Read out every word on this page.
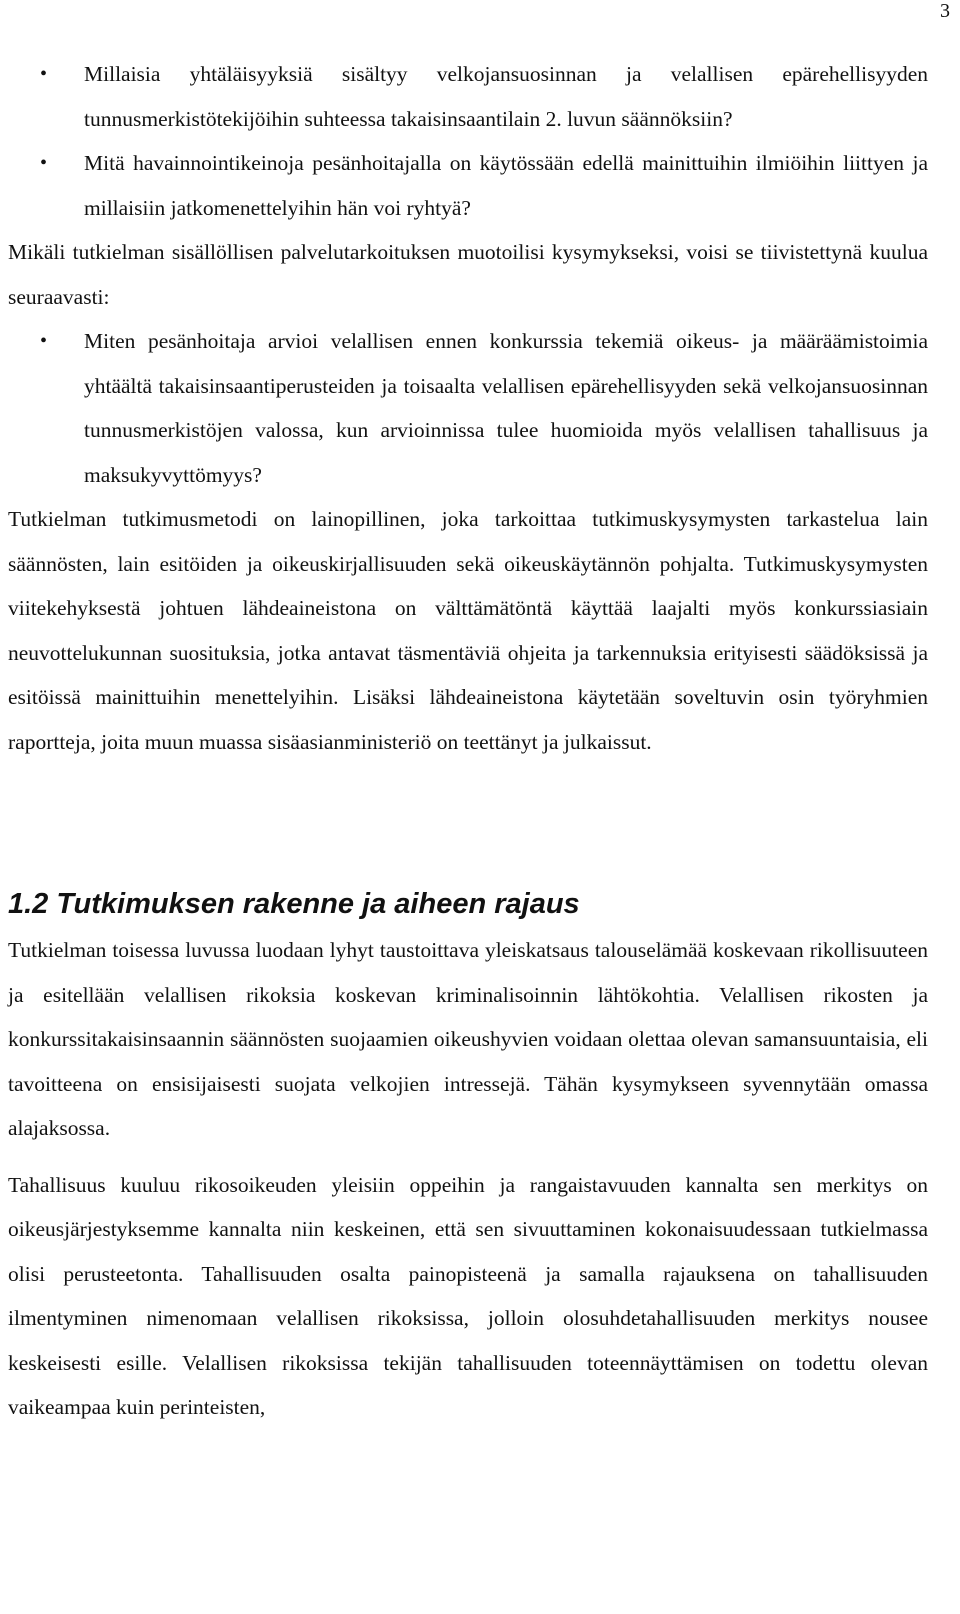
3
• Millaisia yhtäläisyyksiä sisältyy velkojansuosinnan ja velallisen epärehellisyyden tunnusmerkistötekijöihin suhteessa takaisinsaantilain 2. luvun säännöksiin?
• Mitä havainnointikeinoja pesänhoitajalla on käytössään edellä mainittuihin ilmiöihin liittyen ja millaisiin jatkomenettelyihin hän voi ryhtyä?

Mikäli tutkielman sisällöllisen palvelutarkoituksen muotoilisi kysymykseksi, voisi se tiivistettynä kuulua seuraavasti:

• Miten pesänhoitaja arvioi velallisen ennen konkurssia tekemiä oikeus- ja määräämistoimia yhtäältä takaisinsaantiperusteiden ja toisaalta velallisen epärehellisyyden sekä velkojansuosinnan tunnusmerkistöjen valossa, kun arvioinnissa tulee huomioida myös velallisen tahallisuus ja maksukyvyttömyys?

Tutkielman tutkimusmetodi on lainopillinen, joka tarkoittaa tutkimuskysymysten tarkastelua lain säännösten, lain esitöiden ja oikeuskirjallisuuden sekä oikeuskäytännön pohjalta. Tutkimuskysymysten viitekehyksestä johtuen lähdeaineistona on välttämätöntä käyttää laajalti myös konkurssiasiain neuvottelukunnan suosituksia, jotka antavat täsmentäviä ohjeita ja tarkennuksia erityisesti säädöksissä ja esitöissä mainittuihin menettelyihin. Lisäksi lähdeaineistona käytetään soveltuvin osin työryhmien raportteja, joita muun muassa sisäasianministeriö on teettänyt ja julkaissut.

1.2 Tutkimuksen rakenne ja aiheen rajaus

Tutkielman toisessa luvussa luodaan lyhyt taustoittava yleiskatsaus talouselämää koskevaan rikollisuuteen ja esitellään velallisen rikoksia koskevan kriminalisoinnin lähtökohtia. Velallisen rikosten ja konkurssitakaisinsaannin säännösten suojaamien oikeushyvien voidaan olettaa olevan samansuuntaisia, eli tavoitteena on ensisijaisesti suojata velkojien intressejä. Tähän kysymykseen syvennytään omassa alajaksossa.

Tahallisuus kuuluu rikosoikeuden yleisiin oppeihin ja rangaistavuuden kannalta sen merkitys on oikeusjärjestyksemme kannalta niin keskeinen, että sen sivuuttaminen kokonaisuudessaan tutkielmassa olisi perusteetonta. Tahallisuuden osalta painopisteenä ja samalla rajauksena on tahallisuuden ilmentyminen nimenomaan velallisen rikoksissa, jolloin olosuhdetahallisuuden merkitys nousee keskeisesti esille. Velallisen rikoksissa tekijän tahallisuuden toteennäyttämisen on todettu olevan vaikeampaa kuin perinteisten,
